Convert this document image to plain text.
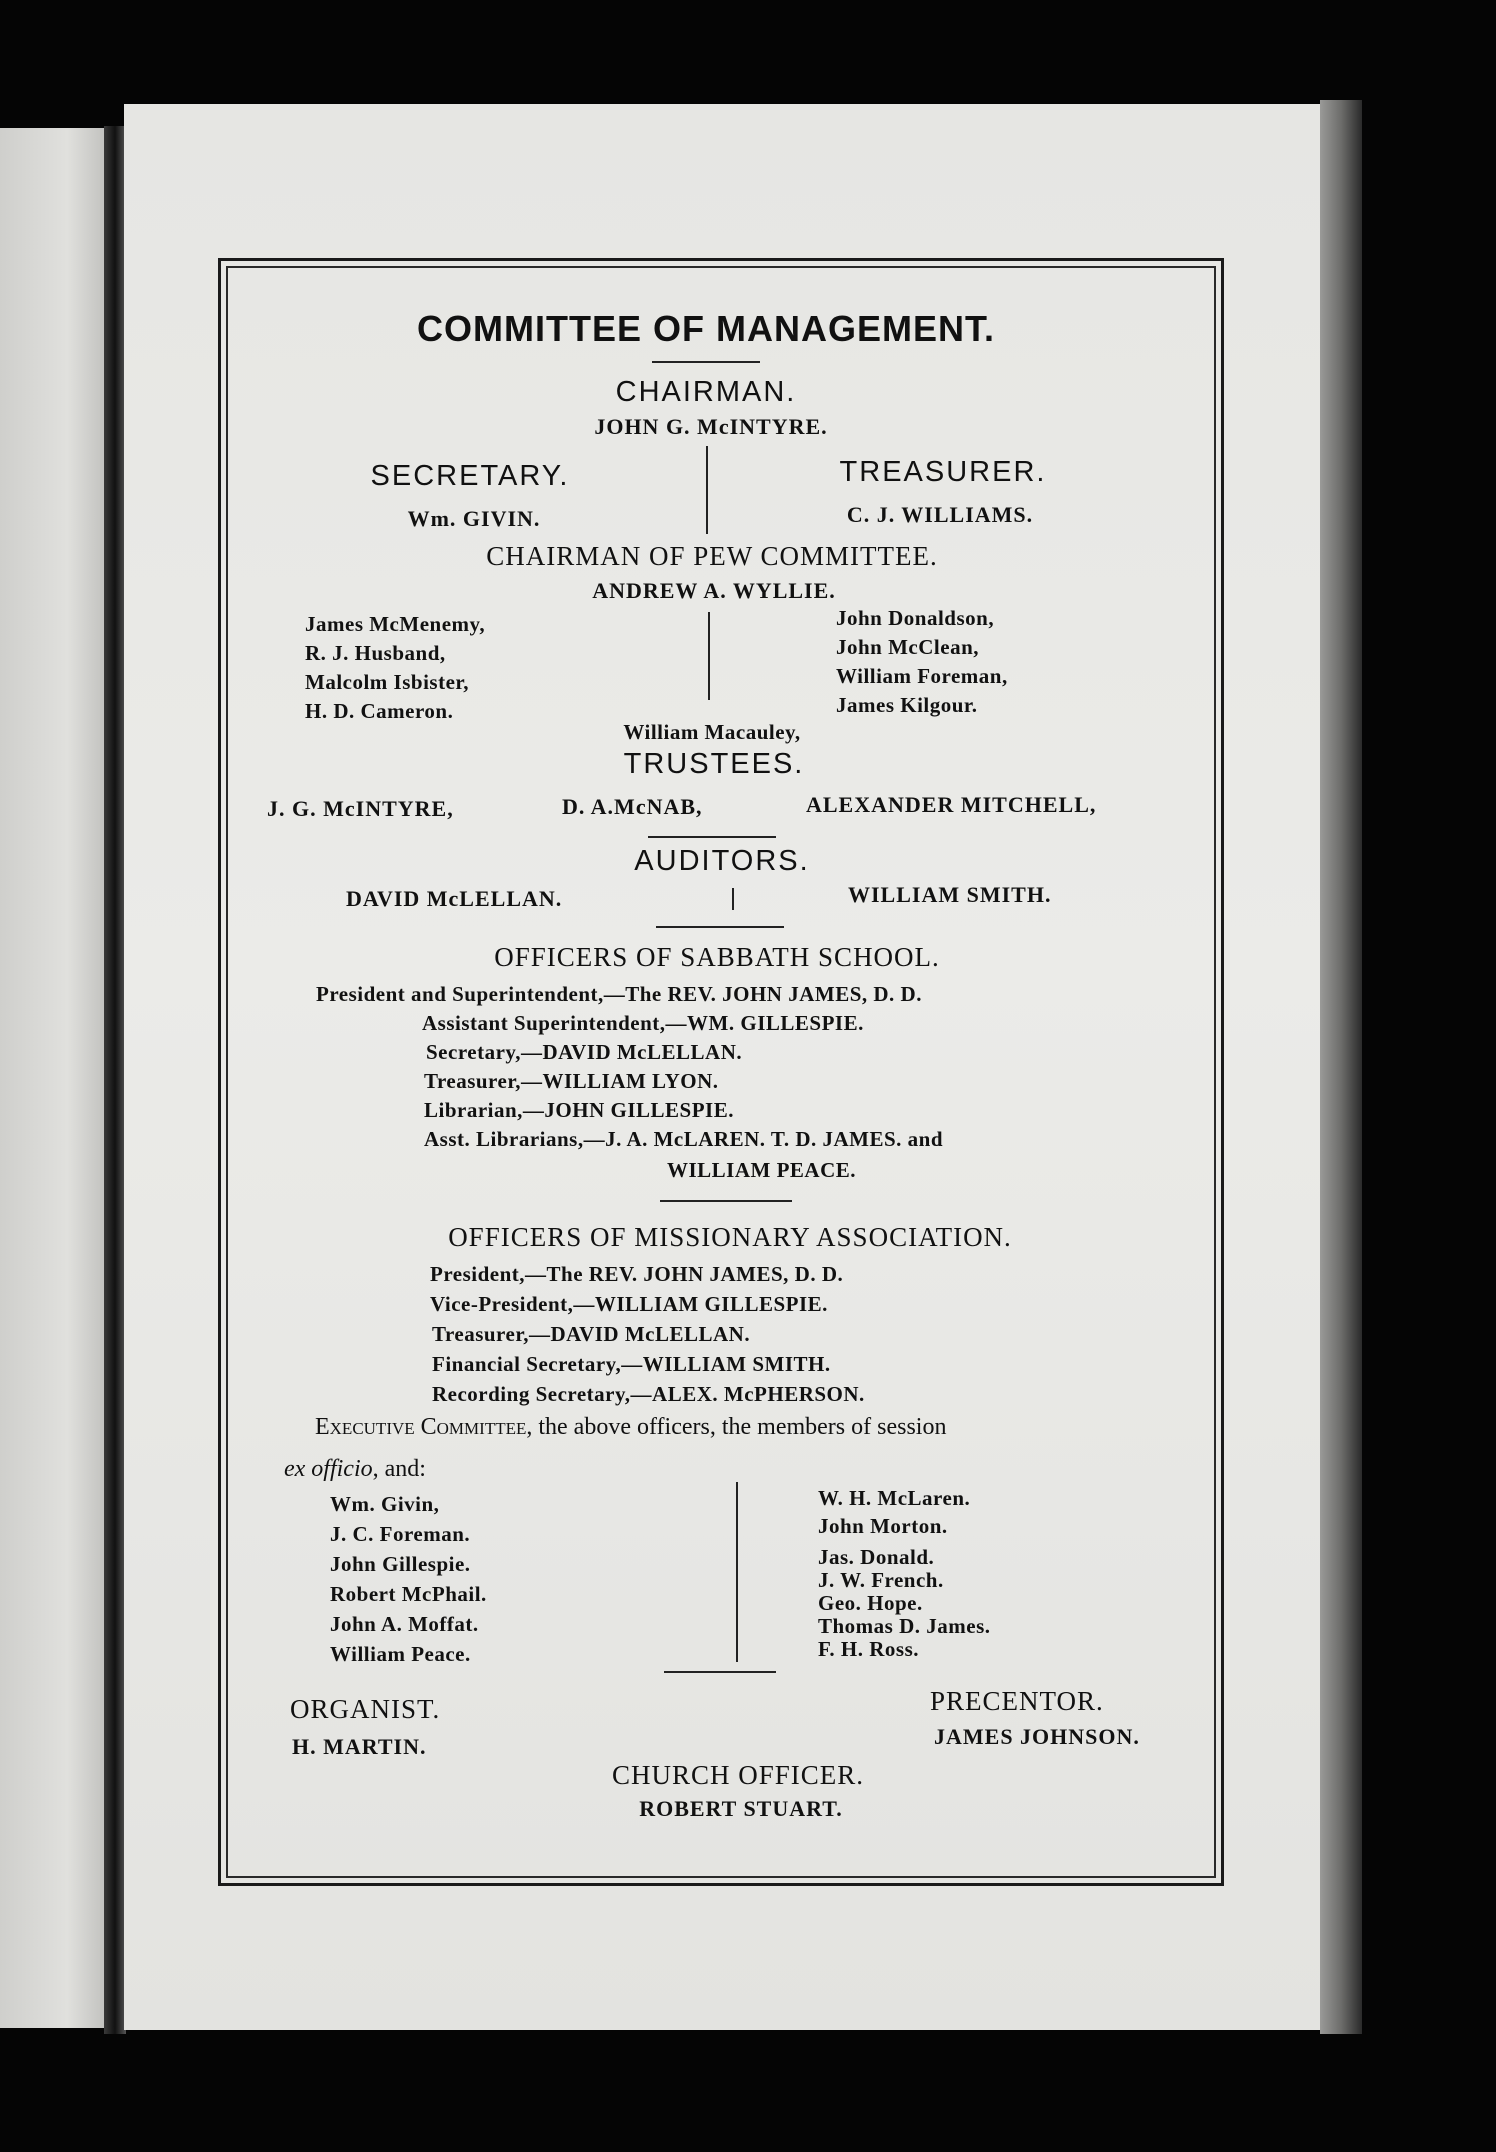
COMMITTEE OF MANAGEMENT.
CHAIRMAN.
JOHN G. McINTYRE.
SECRETARY.
Wm. GIVIN.
TREASURER.
C. J. WILLIAMS.
CHAIRMAN OF PEW COMMITTEE.
ANDREW A. WYLLIE.
James McMenemy,
R. J. Husband,
Malcolm Isbister,
H. D. Cameron.
John Donaldson,
John McClean,
William Foreman,
James Kilgour.
William Macauley,
TRUSTEES.
J. G. McINTYRE,	D. A.McNAB,	ALEXANDER MITCHELL,
AUDITORS.
DAVID McLELLAN.	WILLIAM SMITH.
OFFICERS OF SABBATH SCHOOL.
President and Superintendent,—The REV. JOHN JAMES, D. D.
Assistant Superintendent,—WM. GILLESPIE.
Secretary,—DAVID McLELLAN.
Treasurer,—WILLIAM LYON.
Librarian,—JOHN GILLESPIE.
Asst. Librarians,—J. A. McLAREN. T. D. JAMES. and
WILLIAM PEACE.
OFFICERS OF MISSIONARY ASSOCIATION.
President,—The REV. JOHN JAMES, D. D.
Vice-President,—WILLIAM GILLESPIE.
Treasurer,—DAVID McLELLAN.
Financial Secretary,—WILLIAM SMITH.
Recording Secretary,—ALEX. McPHERSON.
Executive Committee, the above officers, the members of session
ex officio, and:
Wm. Givin,
J. C. Foreman.
John Gillespie.
Robert McPhail.
John A. Moffat.
William Peace.
W. H. McLaren.
John Morton.
Jas. Donald.
J. W. French.
Geo. Hope.
Thomas D. James.
F. H. Ross.
ORGANIST.
H. MARTIN.
PRECENTOR.
JAMES JOHNSON.
CHURCH OFFICER.
ROBERT STUART.
